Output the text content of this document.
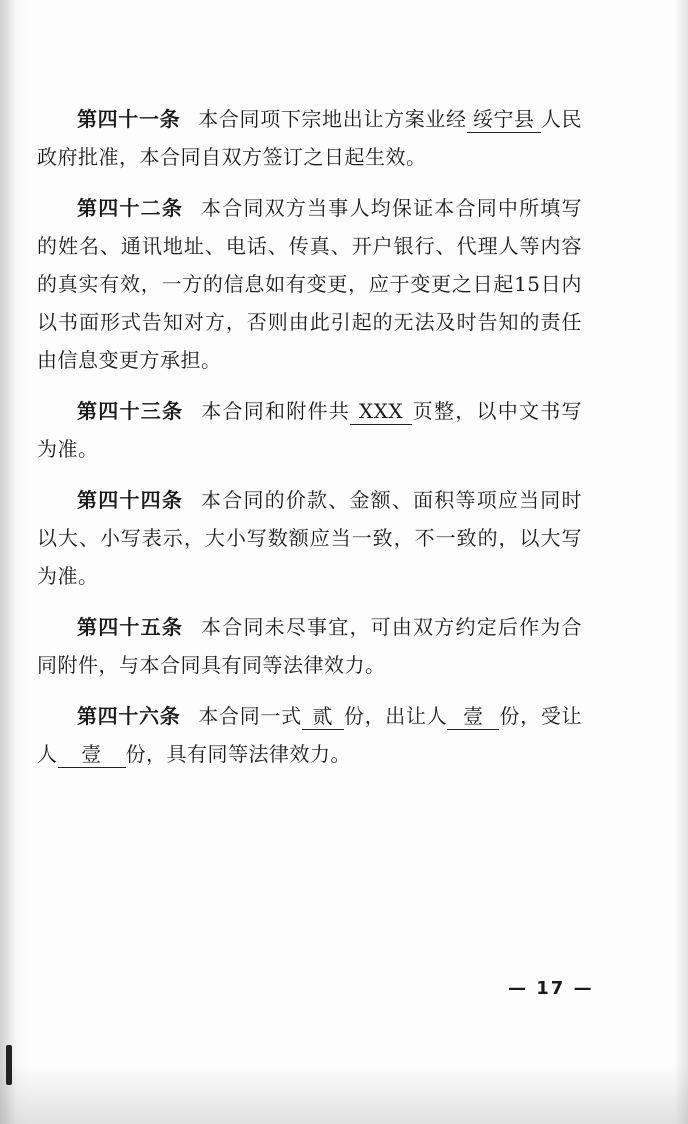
第四十一条 本合同项下宗地出让方案业经 绥宁县 人民政府批准，本合同自双方签订之日起生效。

第四十二条 本合同双方当事人均保证本合同中所填写的姓名、通讯地址、电话、传真、开户银行、代理人等内容的真实有效，一方的信息如有变更，应于变更之日起15日内以书面形式告知对方，否则由此引起的无法及时告知的责任由信息变更方承担。

第四十三条 本合同和附件共 XXX 页整，以中文书写为准。

第四十四条 本合同的价款、金额、面积等项应当同时以大、小写表示，大小写数额应当一致，不一致的，以大写为准。

第四十五条 本合同未尽事宜，可由双方约定后作为合同附件，与本合同具有同等法律效力。

第四十六条 本合同一式 贰 份，出让人 壹 份，受让人 壹 份，具有同等法律效力。

— 17 —
